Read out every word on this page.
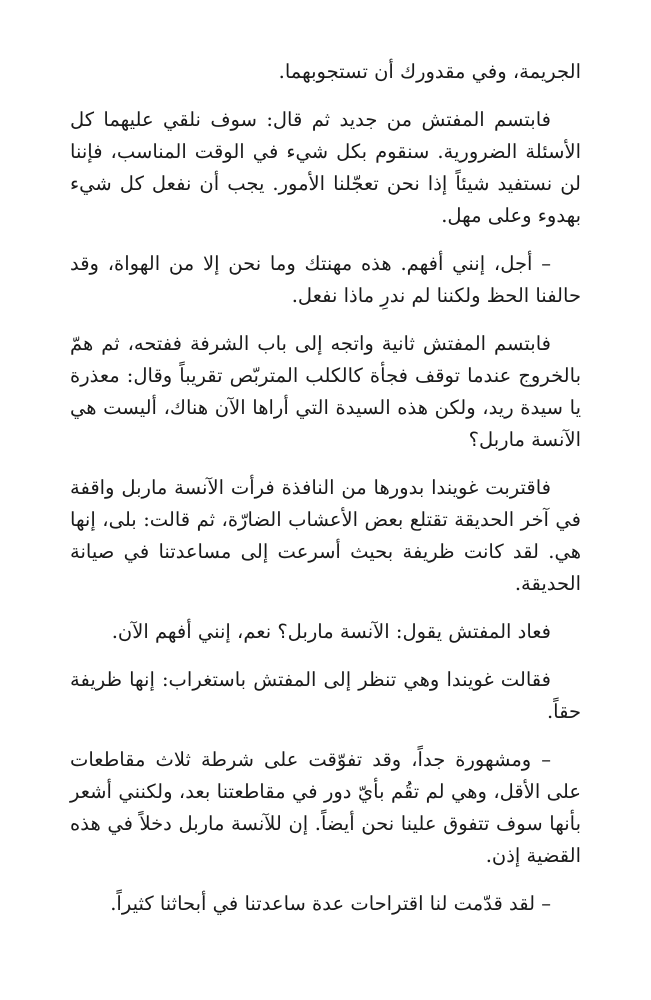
الجريمة، وفي مقدورك أن تستجوبهما.

فابتسم المفتش من جديد ثم قال: سوف نلقي عليهما كل الأسئلة الضرورية. سنقوم بكل شيء في الوقت المناسب، فإننا لن نستفيد شيئاً إذا نحن تعجّلنا الأمور. يجب أن نفعل كل شيء بهدوء وعلى مهل.

– أجل، إنني أفهم. هذه مهنتك وما نحن إلا من الهواة، وقد حالفنا الحظ ولكننا لم ندرِ ماذا نفعل.

فابتسم المفتش ثانية واتجه إلى باب الشرفة ففتحه، ثم همّ بالخروج عندما توقف فجأة كالكلب المتربّص تقريباً وقال: معذرة يا سيدة ريد، ولكن هذه السيدة التي أراها الآن هناك، أليست هي الآنسة ماربل؟

فاقتربت غويندا بدورها من النافذة فرأت الآنسة ماربل واقفة في آخر الحديقة تقتلع بعض الأعشاب الضارّة، ثم قالت: بلى، إنها هي. لقد كانت ظريفة بحيث أسرعت إلى مساعدتنا في صيانة الحديقة.

فعاد المفتش يقول: الآنسة ماربل؟ نعم، إنني أفهم الآن.

فقالت غويندا وهي تنظر إلى المفتش باستغراب: إنها ظريفة حقاً.

– ومشهورة جداً، وقد تفوّقت على شرطة ثلاث مقاطعات على الأقل، وهي لم تقُم بأيّ دور في مقاطعتنا بعد، ولكنني أشعر بأنها سوف تتفوق علينا نحن أيضاً. إن للآنسة ماربل دخلاً في هذه القضية إذن.

– لقد قدّمت لنا اقتراحات عدة ساعدتنا في أبحاثنا كثيراً.
